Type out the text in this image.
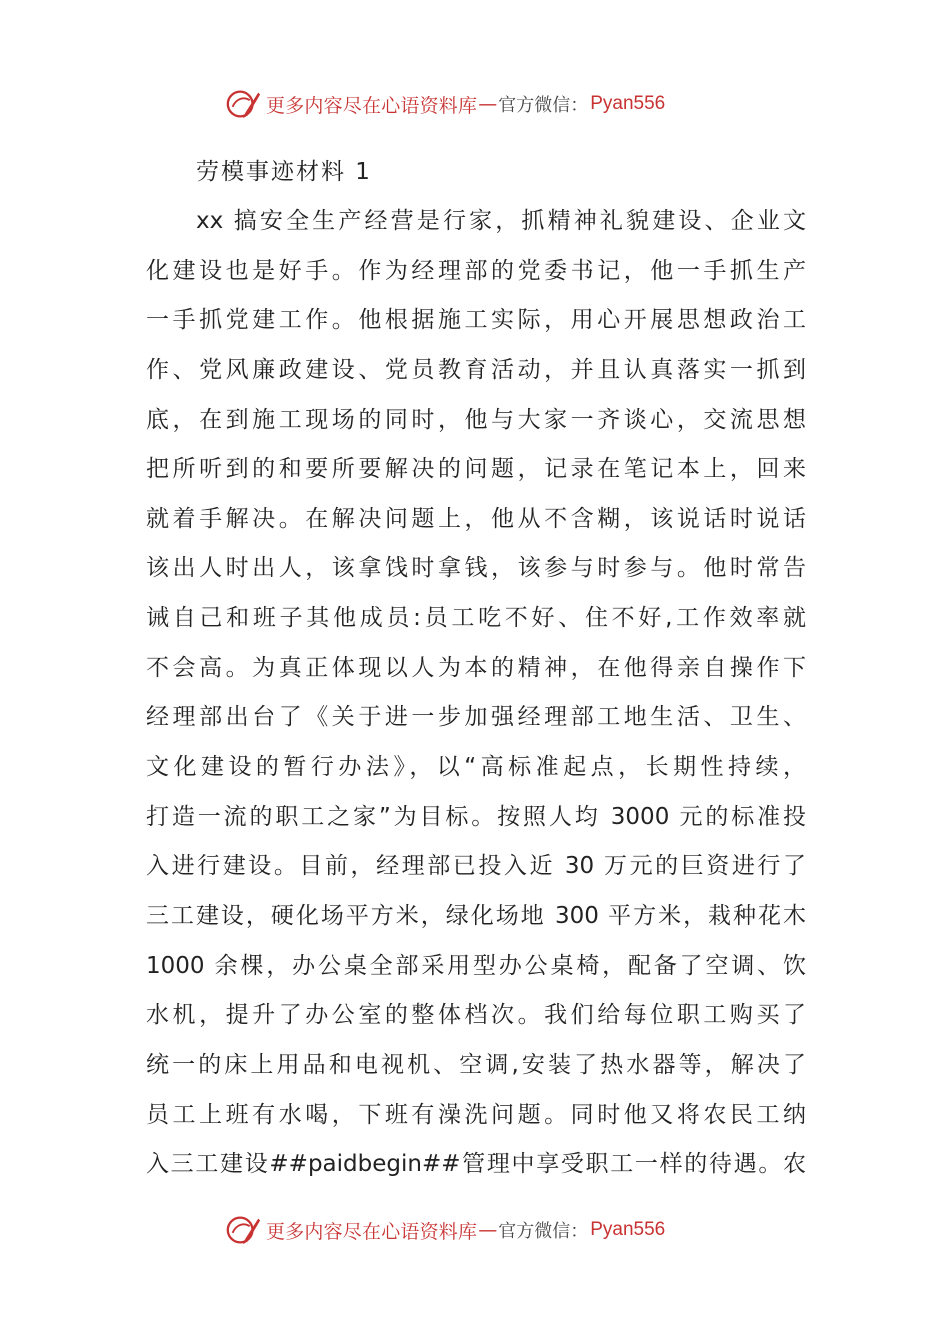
更多内容尽在心语资料库 — 官方微信： Pyan556
劳模事迹材料 1
xx 搞安全生产经营是行家，抓精神礼貌建设、企业文
化建设也是好手。作为经理部的党委书记，他一手抓生产
一手抓党建工作。他根据施工实际，用心开展思想政治工
作、党风廉政建设、党员教育活动，并且认真落实一抓到
底，在到施工现场的同时，他与大家一齐谈心，交流思想
把所听到的和要所要解决的问题，记录在笔记本上，回来
就着手解决。在解决问题上，他从不含糊，该说话时说话
该出人时出人，该拿饯时拿钱，该参与时参与。他时常告
诫自己和班子其他成员:员工吃不好、住不好,工作效率就
不会高。为真正体现以人为本的精神，在他得亲自操作下
经理部出台了《关于进一步加强经理部工地生活、卫生、
文化建设的暂行办法》，以“高标准起点，长期性持续，
打造一流的职工之家”为目标。按照人均 3000 元的标准投
入进行建设。目前，经理部已投入近 30 万元的巨资进行了
三工建设，硬化场平方米，绿化场地 300 平方米，栽种花木
1000 余棵，办公桌全部采用型办公桌椅，配备了空调、饮
水机，提升了办公室的整体档次。我们给每位职工购买了
统一的床上用品和电视机、空调,安装了热水器等，解决了
员工上班有水喝，下班有澡洗问题。同时他又将农民工纳
入三工建设##paidbegin##管理中享受职工一样的待遇。农
更多内容尽在心语资料库 — 官方微信： Pyan556
